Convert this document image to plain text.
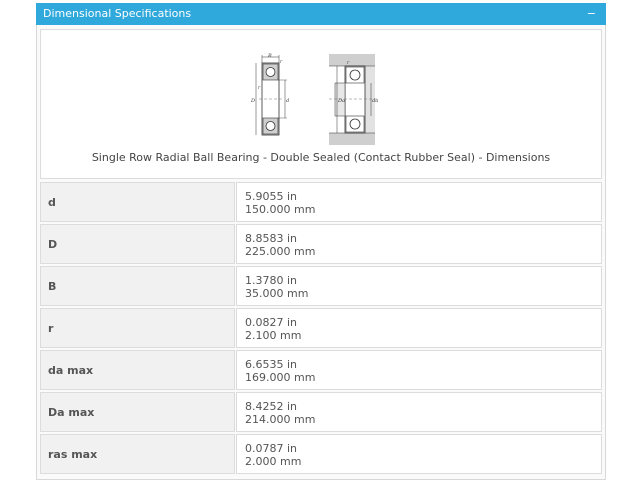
Dimensional Specifications	−
B
r
r
D	d
r
Da	da
Single Row Radial Ball Bearing - Double Sealed (Contact Rubber Seal) - Dimensions
d	5.9055 in
150.000 mm
D	8.8583 in
225.000 mm
B	1.3780 in
35.000 mm
r	0.0827 in
2.100 mm
da max	6.6535 in
169.000 mm
Da max	8.4252 in
214.000 mm
ras max	0.0787 in
2.000 mm
